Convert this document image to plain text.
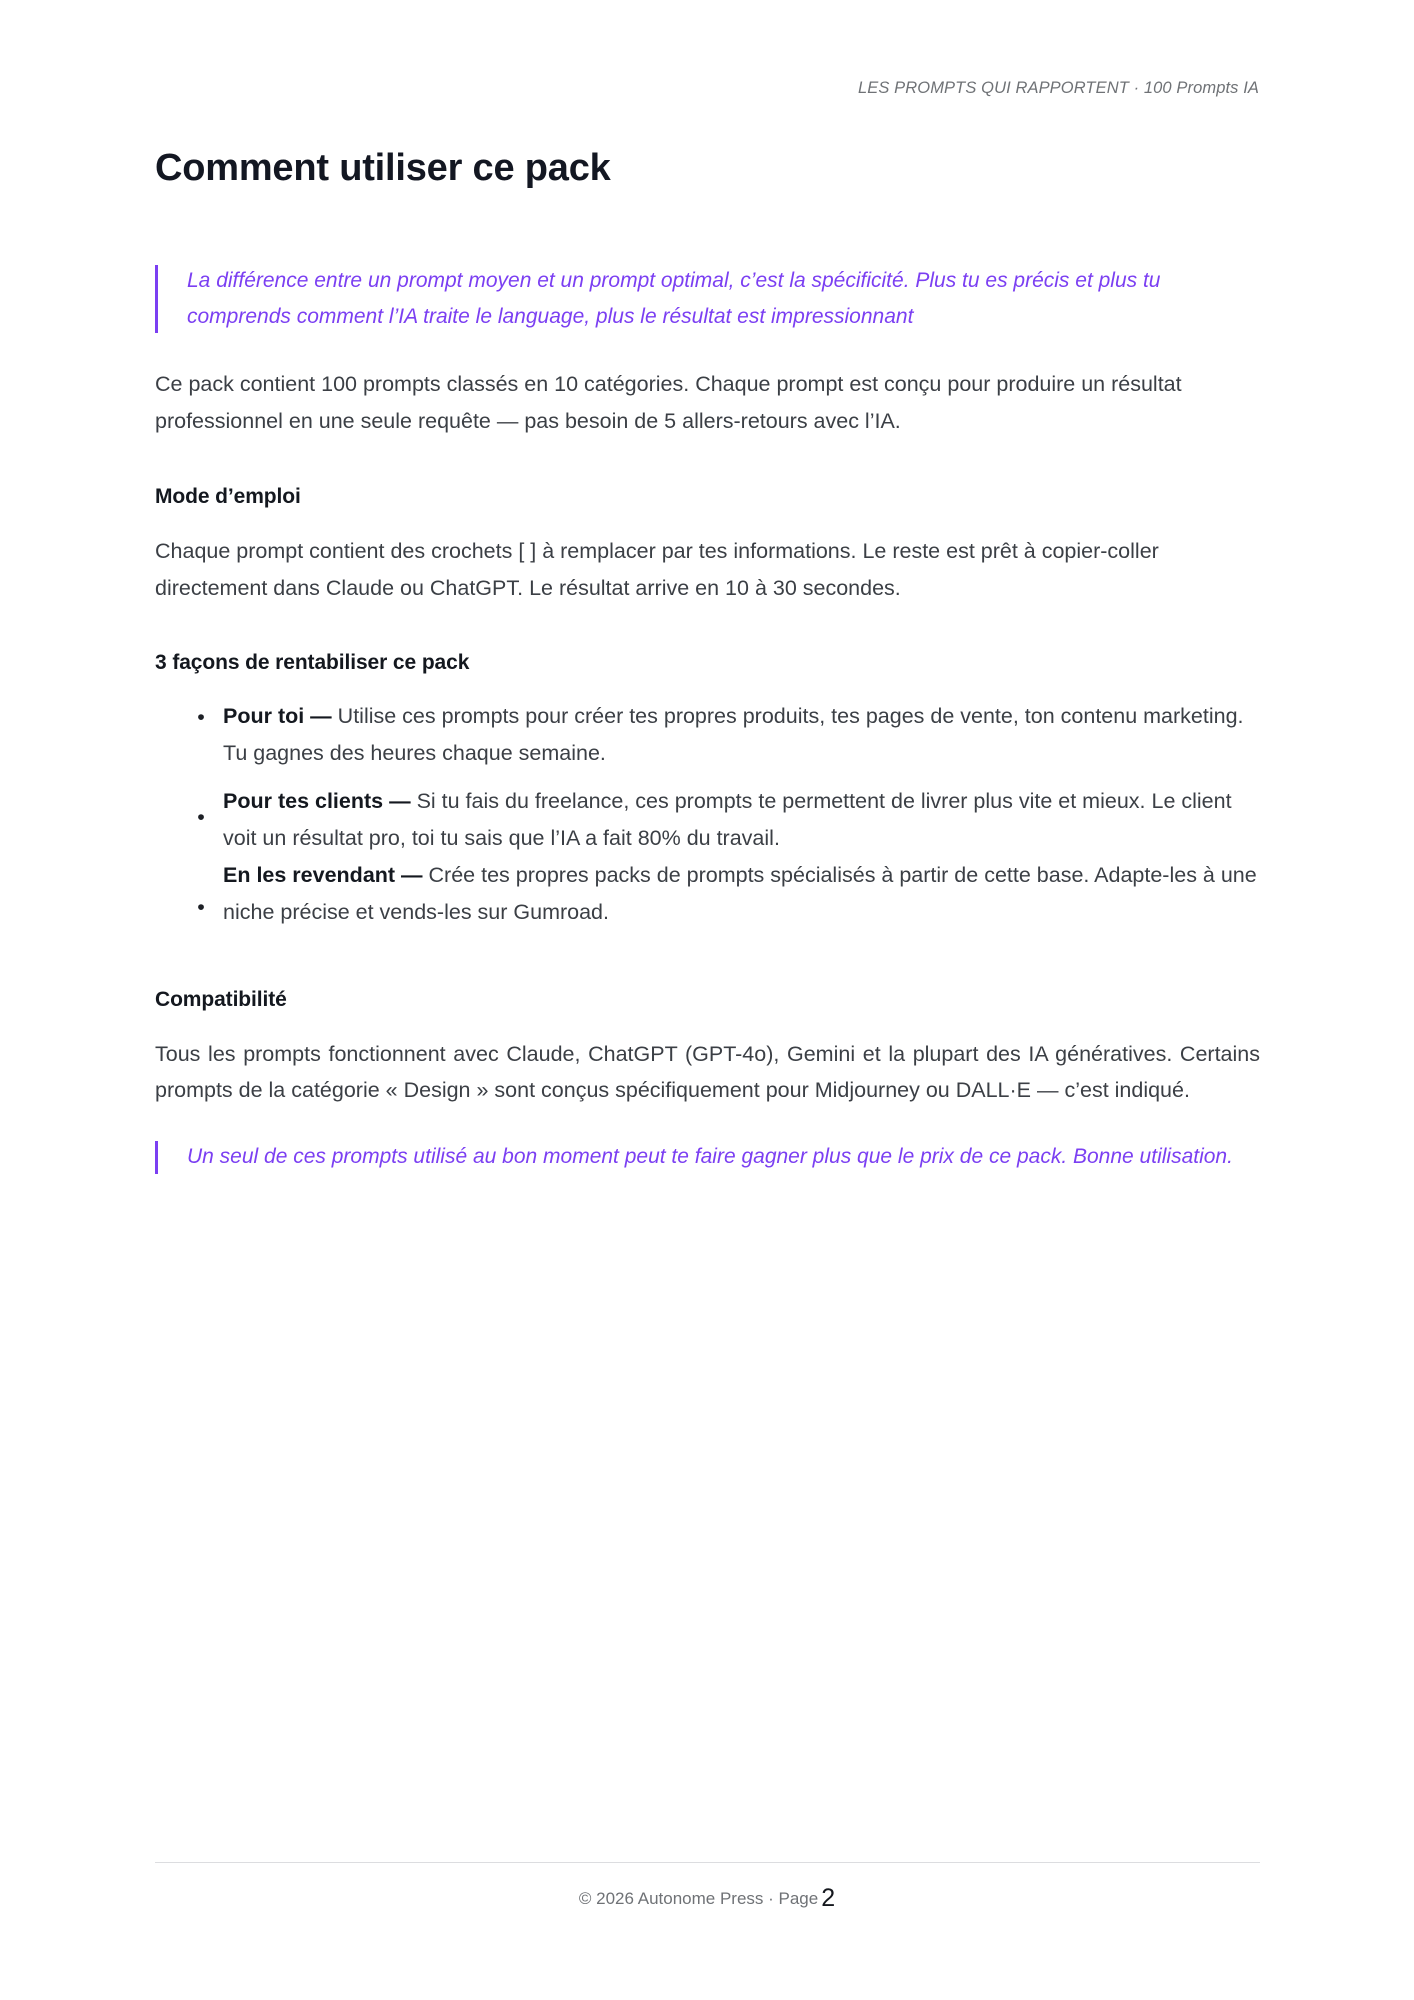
LES PROMPTS QUI RAPPORTENT · 100 Prompts IA
Comment utiliser ce pack
La différence entre un prompt moyen et un prompt optimal, c’est la spécificité. Plus tu es précis et plus tu comprends comment l’IA traite le language, plus le résultat est impressionnant

Ce pack contient 100 prompts classés en 10 catégories. Chaque prompt est conçu pour produire un résultat professionnel en une seule requête — pas besoin de 5 allers-retours avec l’IA.

Mode d’emploi

Chaque prompt contient des crochets [ ] à remplacer par tes informations. Le reste est prêt à copier-coller directement dans Claude ou ChatGPT. Le résultat arrive en 10 à 30 secondes.

3 façons de rentabiliser ce pack
• Pour toi — Utilise ces prompts pour créer tes propres produits, tes pages de vente, ton contenu marketing. Tu gagnes des heures chaque semaine.
•
Pour tes clients — Si tu fais du freelance, ces prompts te permettent de livrer plus vite et mieux. Le client voit un résultat pro, toi tu sais que l’IA a fait 80% du travail.
•
En les revendant — Crée tes propres packs de prompts spécialisés à partir de cette base. Adapte-les à une niche précise et vends-les sur Gumroad.
Compatibilité

Tous les prompts fonctionnent avec Claude, ChatGPT (GPT-4o), Gemini et la plupart des IA génératives. Certains prompts de la catégorie « Design » sont conçus spécifiquement pour Midjourney ou DALL·E — c’est indiqué.

Un seul de ces prompts utilisé au bon moment peut te faire gagner plus que le prix de ce pack. Bonne utilisation.
© 2026 Autonome Press · Page 2
